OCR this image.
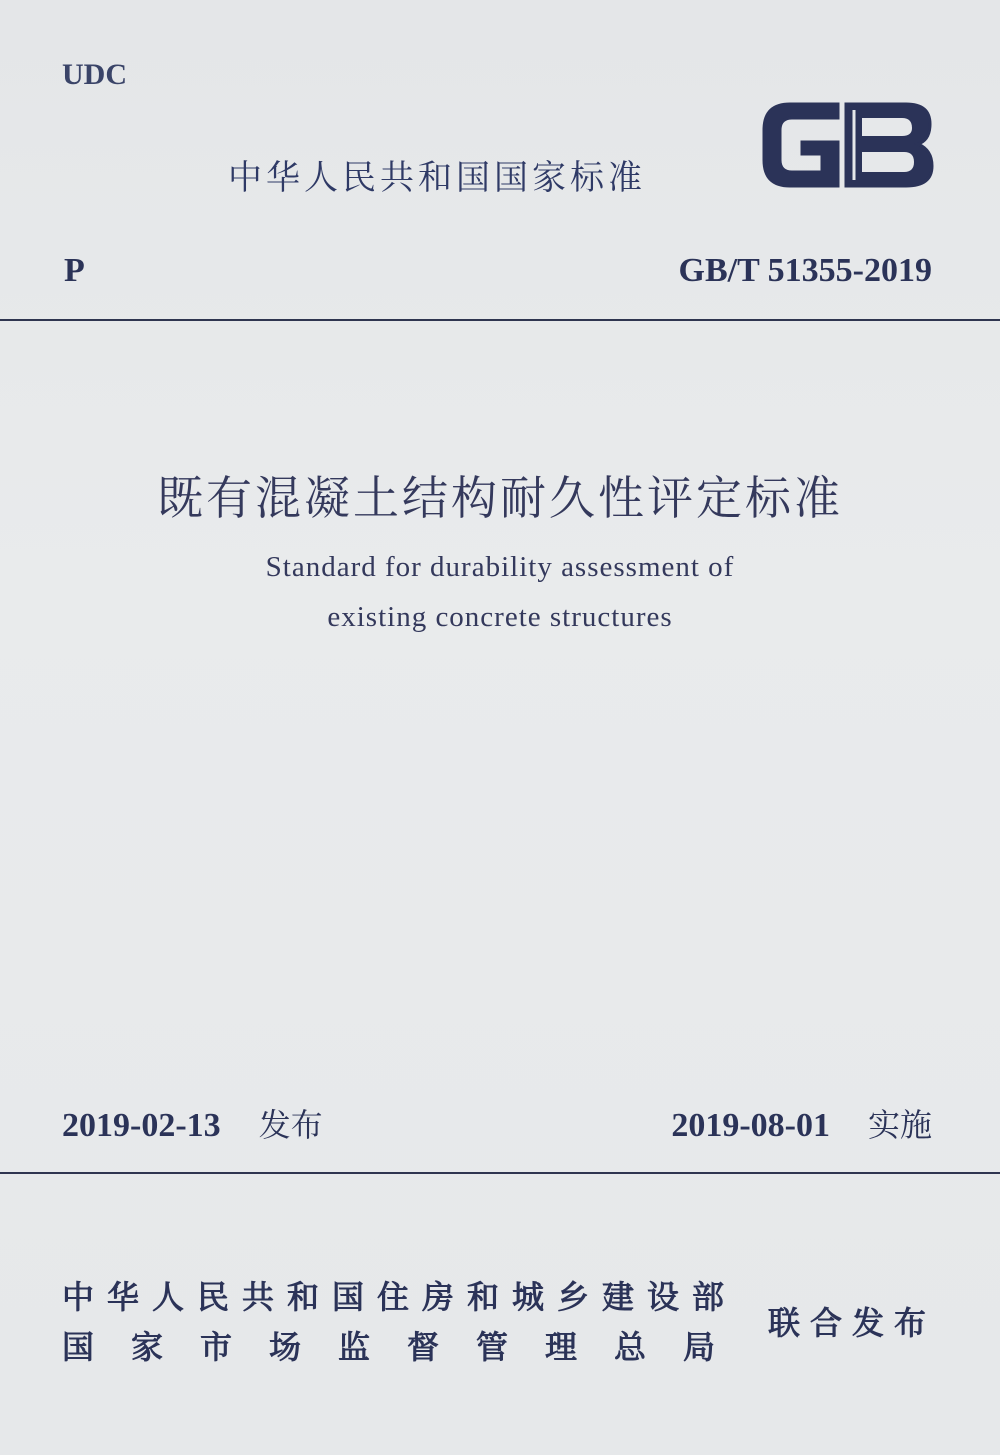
UDC
中华人民共和国国家标准
P	GB/T 51355-2019
既有混凝土结构耐久性评定标准
Standard for durability assessment of
existing concrete structures
2019-02-13 发布	2019-08-01 实施
中华人民共和国住房和城乡建设部
国家市场监督管理总局
联合发布
